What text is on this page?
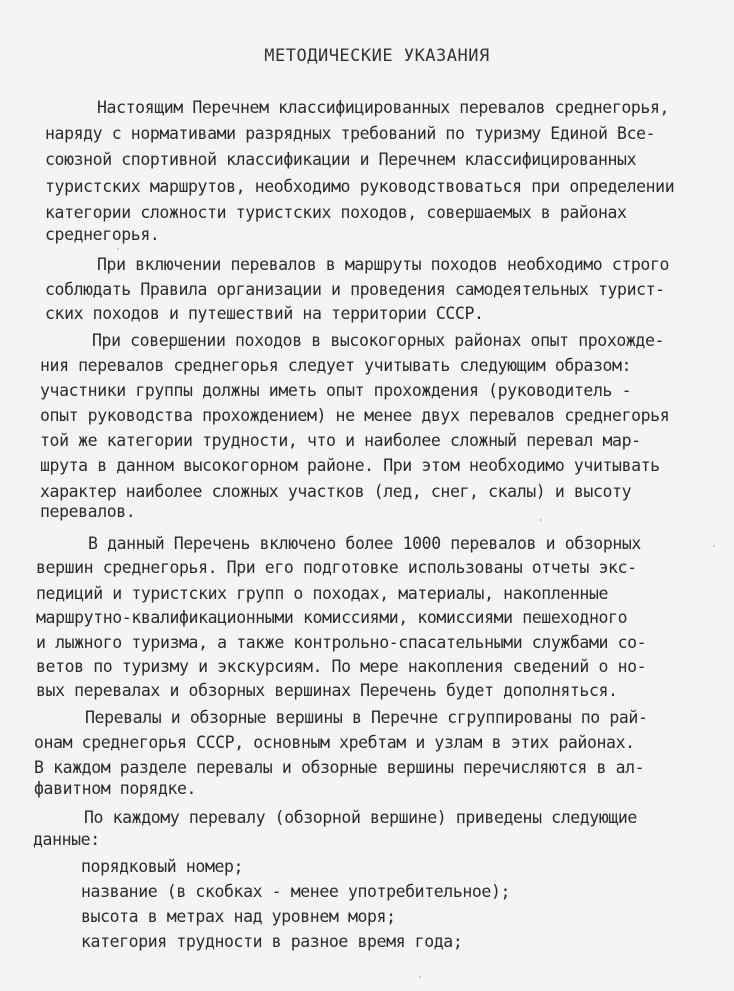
МЕТОДИЧЕСКИЕ УКАЗАНИЯ
Настоящим Перечнем классифицированных перевалов среднегорья,
наряду с нормативами разрядных требований по туризму Единой Все-
союзной спортивной классификации и Перечнем классифицированных
туристских маршрутов, необходимо руководствоваться при определении
категории сложности туристских походов, совершаемых в районах
среднегорья.
При включении перевалов в маршруты походов необходимо строго
соблюдать Правила организации и проведения самодеятельных турист-
ских походов и путешествий на территории СССР.
При совершении походов в высокогорных районах опыт прохожде-
ния перевалов среднегорья следует учитывать следующим образом:
участники группы должны иметь опыт прохождения (руководитель -
опыт руководства прохождением) не менее двух перевалов среднегорья
той же категории трудности, что и наиболее сложный перевал мар-
шрута в данном высокогорном районе. При этом необходимо учитывать
характер наиболее сложных участков (лед, снег, скалы) и высоту
перевалов.
В данный Перечень включено более 1000 перевалов и обзорных
вершин среднегорья. При его подготовке использованы отчеты экс-
педиций и туристских групп о походах, материалы, накопленные
маршрутно-квалификационными комиссиями, комиссиями пешеходного
и лыжного туризма, а также контрольно-спасательными службами со-
ветов по туризму и экскурсиям. По мере накопления сведений о но-
вых перевалах и обзорных вершинах Перечень будет дополняться.
Перевалы и обзорные вершины в Перечне сгруппированы по рай-
онам среднегорья СССР, основным хребтам и узлам в этих районах.
В каждом разделе перевалы и обзорные вершины перечисляются в ал-
фавитном порядке.
По каждому перевалу (обзорной вершине) приведены следующие
данные:
порядковый номер;
название (в скобках - менее употребительное);
высота в метрах над уровнем моря;
категория трудности в разное время года;
